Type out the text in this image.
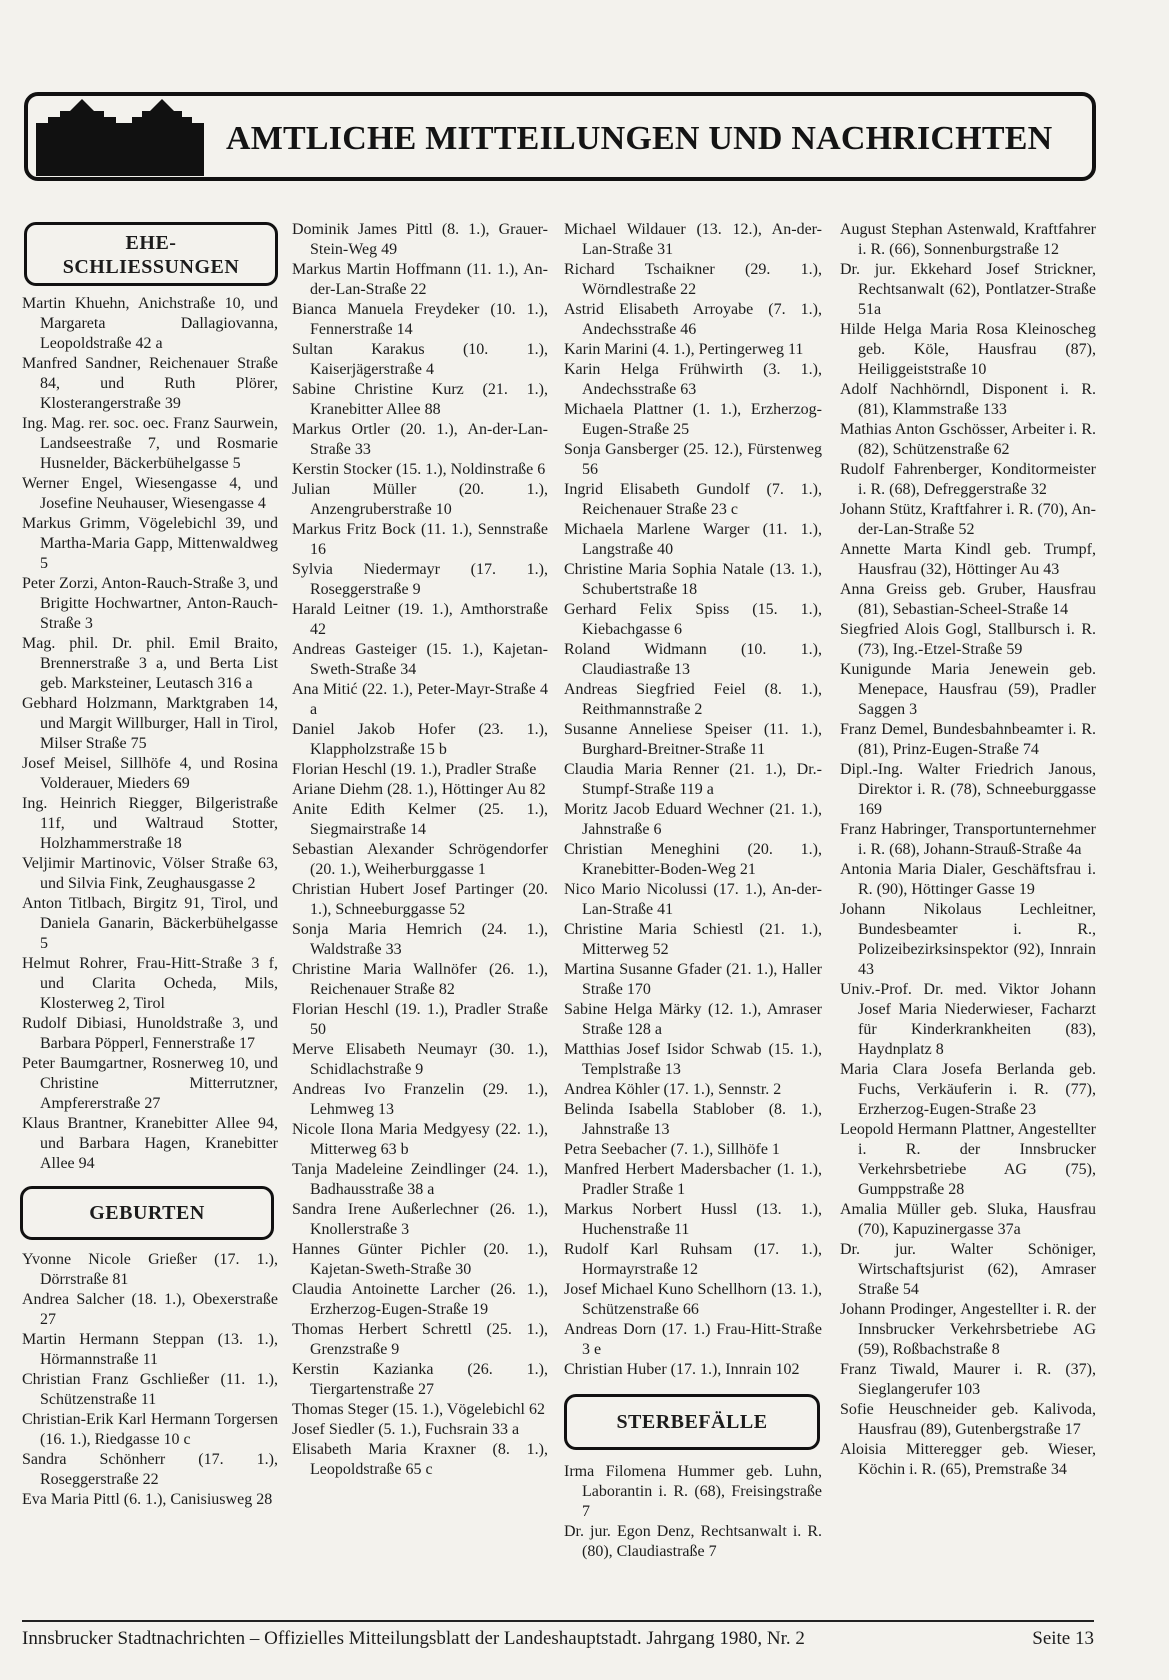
AMTLICHE MITTEILUNGEN UND NACHRICHTEN
EHE-
SCHLIESSUNGEN

Martin Khuehn, Anichstraße 10, und Margareta Dallagiovanna, Leopoldstraße 42 a

Manfred Sandner, Reichenauer Straße 84, und Ruth Plörer, Klosterangerstraße 39

Ing. Mag. rer. soc. oec. Franz Saurwein, Landseestraße 7, und Rosmarie Husnelder, Bäckerbühelgasse 5

Werner Engel, Wiesengasse 4, und Josefine Neuhauser, Wiesengasse 4

Markus Grimm, Vögelebichl 39, und Martha-Maria Gapp, Mittenwaldweg 5

Peter Zorzi, Anton-Rauch-Straße 3, und Brigitte Hochwartner, Anton-Rauch-Straße 3

Mag. phil. Dr. phil. Emil Braito, Brennerstraße 3 a, und Berta List geb. Marksteiner, Leutasch 316 a

Gebhard Holzmann, Marktgraben 14, und Margit Willburger, Hall in Tirol, Milser Straße 75

Josef Meisel, Sillhöfe 4, und Rosina Volderauer, Mieders 69

Ing. Heinrich Riegger, Bilgeristraße 11f, und Waltraud Stotter, Holzhammerstraße 18

Veljimir Martinovic, Völser Straße 63, und Silvia Fink, Zeughausgasse 2

Anton Titlbach, Birgitz 91, Tirol, und Daniela Ganarin, Bäckerbühelgasse 5

Helmut Rohrer, Frau-Hitt-Straße 3 f, und Clarita Ocheda, Mils, Klosterweg 2, Tirol

Rudolf Dibiasi, Hunoldstraße 3, und Barbara Pöpperl, Fennerstraße 17

Peter Baumgartner, Rosnerweg 10, und Christine Mitterrutzner, Ampfererstraße 27

Klaus Brantner, Kranebitter Allee 94, und Barbara Hagen, Kranebitter Allee 94

GEBURTEN

Yvonne Nicole Grießer (17. 1.), Dörrstraße 81

Andrea Salcher (18. 1.), Obexerstraße 27

Martin Hermann Steppan (13. 1.), Hörmannstraße 11

Christian Franz Gschließer (11. 1.), Schützenstraße 11

Christian-Erik Karl Hermann Torgersen (16. 1.), Riedgasse 10 c

Sandra Schönherr (17. 1.), Roseggerstraße 22

Eva Maria Pittl (6. 1.), Canisiusweg 28

Dominik James Pittl (8. 1.), Grauer-Stein-Weg 49

Markus Martin Hoffmann (11. 1.), An-der-Lan-Straße 22

Bianca Manuela Freydeker (10. 1.), Fennerstraße 14

Sultan Karakus (10. 1.), Kaiserjägerstraße 4

Sabine Christine Kurz (21. 1.), Kranebitter Allee 88

Markus Ortler (20. 1.), An-der-Lan-Straße 33

Kerstin Stocker (15. 1.), Noldinstraße 6

Julian Müller (20. 1.), Anzengruberstraße 10

Markus Fritz Bock (11. 1.), Sennstraße 16

Sylvia Niedermayr (17. 1.), Roseggerstraße 9

Harald Leitner (19. 1.), Amthorstraße 42

Andreas Gasteiger (15. 1.), Kajetan-Sweth-Straße 34

Ana Mitić (22. 1.), Peter-Mayr-Straße 4 a

Daniel Jakob Hofer (23. 1.), Klappholzstraße 15 b

Florian Heschl (19. 1.), Pradler Straße

Ariane Diehm (28. 1.), Höttinger Au 82

Anite Edith Kelmer (25. 1.), Siegmairstraße 14

Sebastian Alexander Schrögendorfer (20. 1.), Weiherburggasse 1

Christian Hubert Josef Partinger (20. 1.), Schneeburggasse 52

Sonja Maria Hemrich (24. 1.), Waldstraße 33

Christine Maria Wallnöfer (26. 1.), Reichenauer Straße 82

Florian Heschl (19. 1.), Pradler Straße 50

Merve Elisabeth Neumayr (30. 1.), Schidlachstraße 9

Andreas Ivo Franzelin (29. 1.), Lehmweg 13

Nicole Ilona Maria Medgyesy (22. 1.), Mitterweg 63 b

Tanja Madeleine Zeindlinger (24. 1.), Badhausstraße 38 a

Sandra Irene Außerlechner (26. 1.), Knollerstraße 3

Hannes Günter Pichler (20. 1.), Kajetan-Sweth-Straße 30

Claudia Antoinette Larcher (26. 1.), Erzherzog-Eugen-Straße 19

Thomas Herbert Schrettl (25. 1.), Grenzstraße 9

Kerstin Kazianka (26. 1.), Tiergartenstraße 27

Thomas Steger (15. 1.), Vögelebichl 62

Josef Siedler (5. 1.), Fuchsrain 33 a

Elisabeth Maria Kraxner (8. 1.), Leopoldstraße 65 c

Michael Wildauer (13. 12.), An-der-Lan-Straße 31

Richard Tschaikner (29. 1.), Wörndlestraße 22

Astrid Elisabeth Arroyabe (7. 1.), Andechsstraße 46

Karin Marini (4. 1.), Pertingerweg 11

Karin Helga Frühwirth (3. 1.), Andechsstraße 63

Michaela Plattner (1. 1.), Erzherzog-Eugen-Straße 25

Sonja Gansberger (25. 12.), Fürstenweg 56

Ingrid Elisabeth Gundolf (7. 1.), Reichenauer Straße 23 c

Michaela Marlene Warger (11. 1.), Langstraße 40

Christine Maria Sophia Natale (13. 1.), Schubertstraße 18

Gerhard Felix Spiss (15. 1.), Kiebachgasse 6

Roland Widmann (10. 1.), Claudiastraße 13

Andreas Siegfried Feiel (8. 1.), Reithmannstraße 2

Susanne Anneliese Speiser (11. 1.), Burghard-Breitner-Straße 11

Claudia Maria Renner (21. 1.), Dr.-Stumpf-Straße 119 a

Moritz Jacob Eduard Wechner (21. 1.), Jahnstraße 6

Christian Meneghini (20. 1.), Kranebitter-Boden-Weg 21

Nico Mario Nicolussi (17. 1.), An-der-Lan-Straße 41

Christine Maria Schiestl (21. 1.), Mitterweg 52

Martina Susanne Gfader (21. 1.), Haller Straße 170

Sabine Helga Märky (12. 1.), Amraser Straße 128 a

Matthias Josef Isidor Schwab (15. 1.), Templstraße 13

Andrea Köhler (17. 1.), Sennstr. 2

Belinda Isabella Stablober (8. 1.), Jahnstraße 13

Petra Seebacher (7. 1.), Sillhöfe 1

Manfred Herbert Madersbacher (1. 1.), Pradler Straße 1

Markus Norbert Hussl (13. 1.), Huchenstraße 11

Rudolf Karl Ruhsam (17. 1.), Hormayrstraße 12

Josef Michael Kuno Schellhorn (13. 1.), Schützenstraße 66

Andreas Dorn (17. 1.) Frau-Hitt-Straße 3 e

Christian Huber (17. 1.), Innrain 102

STERBEFÄLLE

Irma Filomena Hummer geb. Luhn, Laborantin i. R. (68), Freisingstraße 7

Dr. jur. Egon Denz, Rechtsanwalt i. R. (80), Claudiastraße 7

August Stephan Astenwald, Kraftfahrer i. R. (66), Sonnenburgstraße 12

Dr. jur. Ekkehard Josef Strickner, Rechtsanwalt (62), Pontlatzer-Straße 51a

Hilde Helga Maria Rosa Kleinoscheg geb. Köle, Hausfrau (87), Heiliggeiststraße 10

Adolf Nachhörndl, Disponent i. R. (81), Klammstraße 133

Mathias Anton Gschösser, Arbeiter i. R. (82), Schützenstraße 62

Rudolf Fahrenberger, Konditormeister i. R. (68), Defreggerstraße 32

Johann Stütz, Kraftfahrer i. R. (70), An-der-Lan-Straße 52

Annette Marta Kindl geb. Trumpf, Hausfrau (32), Höttinger Au 43

Anna Greiss geb. Gruber, Hausfrau (81), Sebastian-Scheel-Straße 14

Siegfried Alois Gogl, Stallbursch i. R. (73), Ing.-Etzel-Straße 59

Kunigunde Maria Jenewein geb. Menepace, Hausfrau (59), Pradler Saggen 3

Franz Demel, Bundesbahnbeamter i. R. (81), Prinz-Eugen-Straße 74

Dipl.-Ing. Walter Friedrich Janous, Direktor i. R. (78), Schneeburggasse 169

Franz Habringer, Transportunternehmer i. R. (68), Johann-Strauß-Straße 4a

Antonia Maria Dialer, Geschäftsfrau i. R. (90), Höttinger Gasse 19

Johann Nikolaus Lechleitner, Bundesbeamter i. R., Polizeibezirksinspektor (92), Innrain 43

Univ.-Prof. Dr. med. Viktor Johann Josef Maria Niederwieser, Facharzt für Kinderkrankheiten (83), Haydnplatz 8

Maria Clara Josefa Berlanda geb. Fuchs, Verkäuferin i. R. (77), Erzherzog-Eugen-Straße 23

Leopold Hermann Plattner, Angestellter i. R. der Innsbrucker Verkehrsbetriebe AG (75), Gumppstraße 28

Amalia Müller geb. Sluka, Hausfrau (70), Kapuzinergasse 37a

Dr. jur. Walter Schöniger, Wirtschaftsjurist (62), Amraser Straße 54

Johann Prodinger, Angestellter i. R. der Innsbrucker Verkehrsbetriebe AG (59), Roßbachstraße 8

Franz Tiwald, Maurer i. R. (37), Sieglangerufer 103

Sofie Heuschneider geb. Kalivoda, Hausfrau (89), Gutenbergstraße 17

Aloisia Mitteregger geb. Wieser, Köchin i. R. (65), Premstraße 34

Innsbrucker Stadtnachrichten – Offizielles Mitteilungsblatt der Landeshauptstadt. Jahrgang 1980, Nr. 2	Seite 13
